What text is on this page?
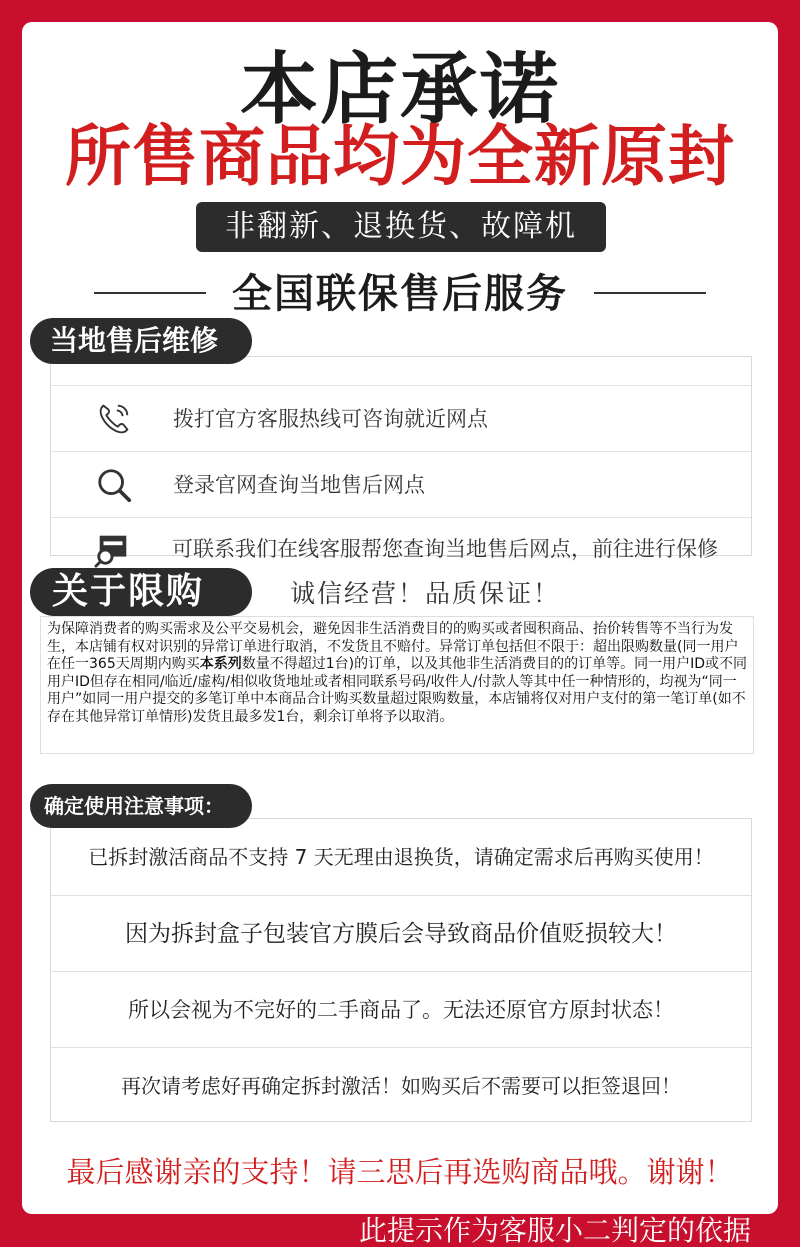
本店承诺
所售商品均为全新原封
非翻新、退换货、故障机
全国联保售后服务
拨打官方客服热线可咨询就近网点
登录官网查询当地售后网点
可联系我们在线客服帮您查询当地售后网点，前往进行保修
当地售后维修
关于限购	诚信经营！品质保证！
为保障消费者的购买需求及公平交易机会，避免因非生活消费目的的购买或者囤积商品、抬价转售等不当行为发生，本店铺有权对识别的异常订单进行取消，不发货且不赔付。异常订单包括但不限于：超出限购数量(同一用户在任一365天周期内购买本系列数量不得超过1台)的订单，以及其他非生活消费目的的订单等。同一用户ID或不同用户ID但存在相同/临近/虚构/相似收货地址或者相同联系号码/收件人/付款人等其中任一种情形的，均视为“同一用户”如同一用户提交的多笔订单中本商品合计购买数量超过限购数量，本店铺将仅对用户支付的第一笔订单(如不存在其他异常订单情形)发货且最多发1台，剩余订单将予以取消。
已拆封激活商品不支持 7 天无理由退换货，请确定需求后再购买使用！
因为拆封盒子包装官方膜后会导致商品价值贬损较大！
所以会视为不完好的二手商品了。无法还原官方原封状态！
再次请考虑好再确定拆封激活！如购买后不需要可以拒签退回！
确定使用注意事项：
最后感谢亲的支持！请三思后再选购商品哦。谢谢！
此提示作为客服小二判定的依据
